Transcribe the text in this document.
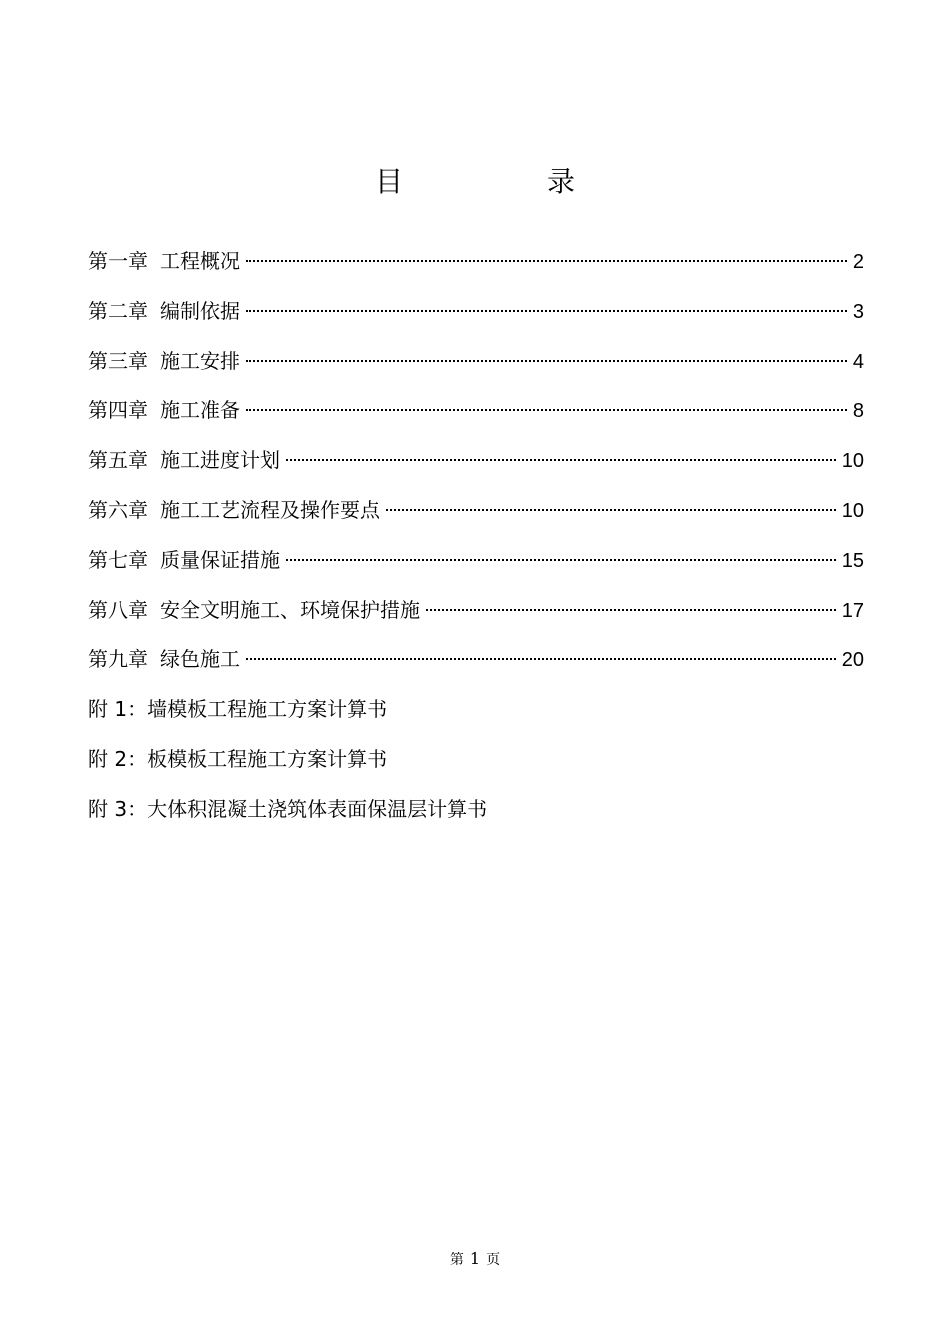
目　录
第一章 工程概况	2
第二章 编制依据	3
第三章 施工安排	4
第四章 施工准备	8
第五章 施工进度计划	10
第六章 施工工艺流程及操作要点	10
第七章 质量保证措施	15
第八章 安全文明施工、环境保护措施	17
第九章 绿色施工	20
附 1：墙模板工程施工方案计算书
附 2：板模板工程施工方案计算书
附 3：大体积混凝土浇筑体表面保温层计算书
第 1 页
